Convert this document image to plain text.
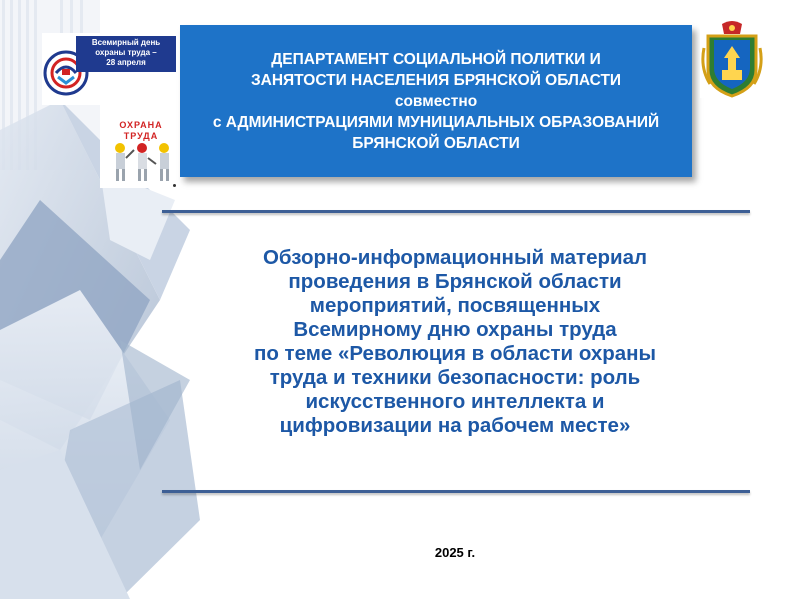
Всемирный день
охраны труда –
28 апреля
ОХРАНА
ТРУДА
ДЕПАРТАМЕНТ СОЦИАЛЬНОЙ ПОЛИТКИ И
ЗАНЯТОСТИ НАСЕЛЕНИЯ БРЯНСКОЙ ОБЛАСТИ
совместно
с АДМИНИСТРАЦИЯМИ МУНИЦИАЛЬНЫХ ОБРАЗОВАНИЙ
БРЯНСКОЙ ОБЛАСТИ
Обзорно-информационный материал
проведения в Брянской области
мероприятий, посвященных
Всемирному дню охраны труда
по теме «Революция в области охраны
труда и техники безопасности: роль
искусственного интеллекта и
цифровизации на рабочем месте»
2025 г.
